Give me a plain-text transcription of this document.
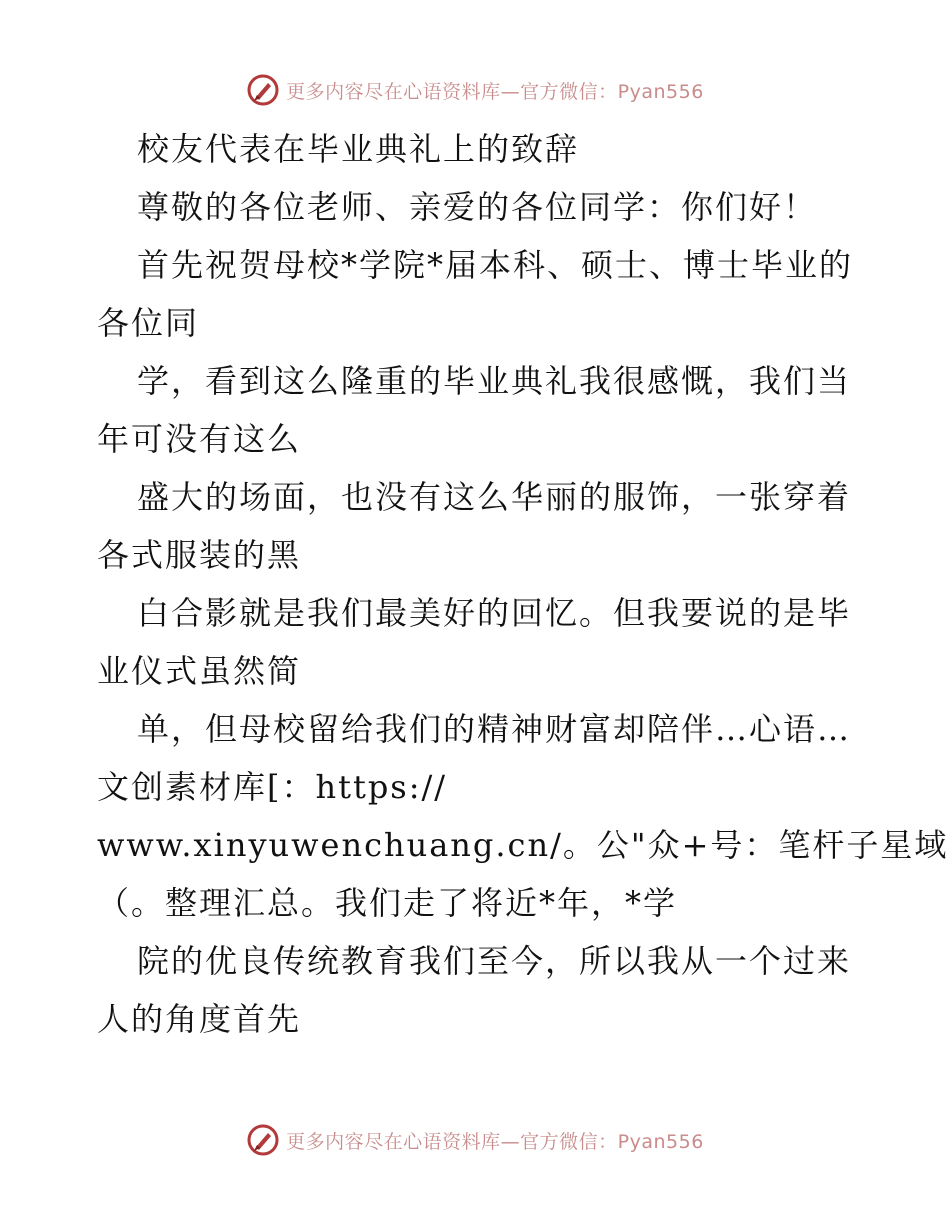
更多内容尽在心语资料库—官方微信：Pyan556

校友代表在毕业典礼上的致辞

尊敬的各位老师、亲爱的各位同学：你们好！

首先祝贺母校*学院*届本科、硕士、博士毕业的

各位同

学，看到这么隆重的毕业典礼我很感慨，我们当

年可没有这么

盛大的场面，也没有这么华丽的服饰，一张穿着

各式服装的黑

白合影就是我们最美好的回忆。但我要说的是毕

业仪式虽然简

单，但母校留给我们的精神财富却陪伴…心语…

文创素材库[：https://

www.xinyuwenchuang.cn/。公"众+号：笔杆子星域

（。整理汇总。我们走了将近*年，*学

院的优良传统教育我们至今，所以我从一个过来

人的角度首先

更多内容尽在心语资料库—官方微信：Pyan556
